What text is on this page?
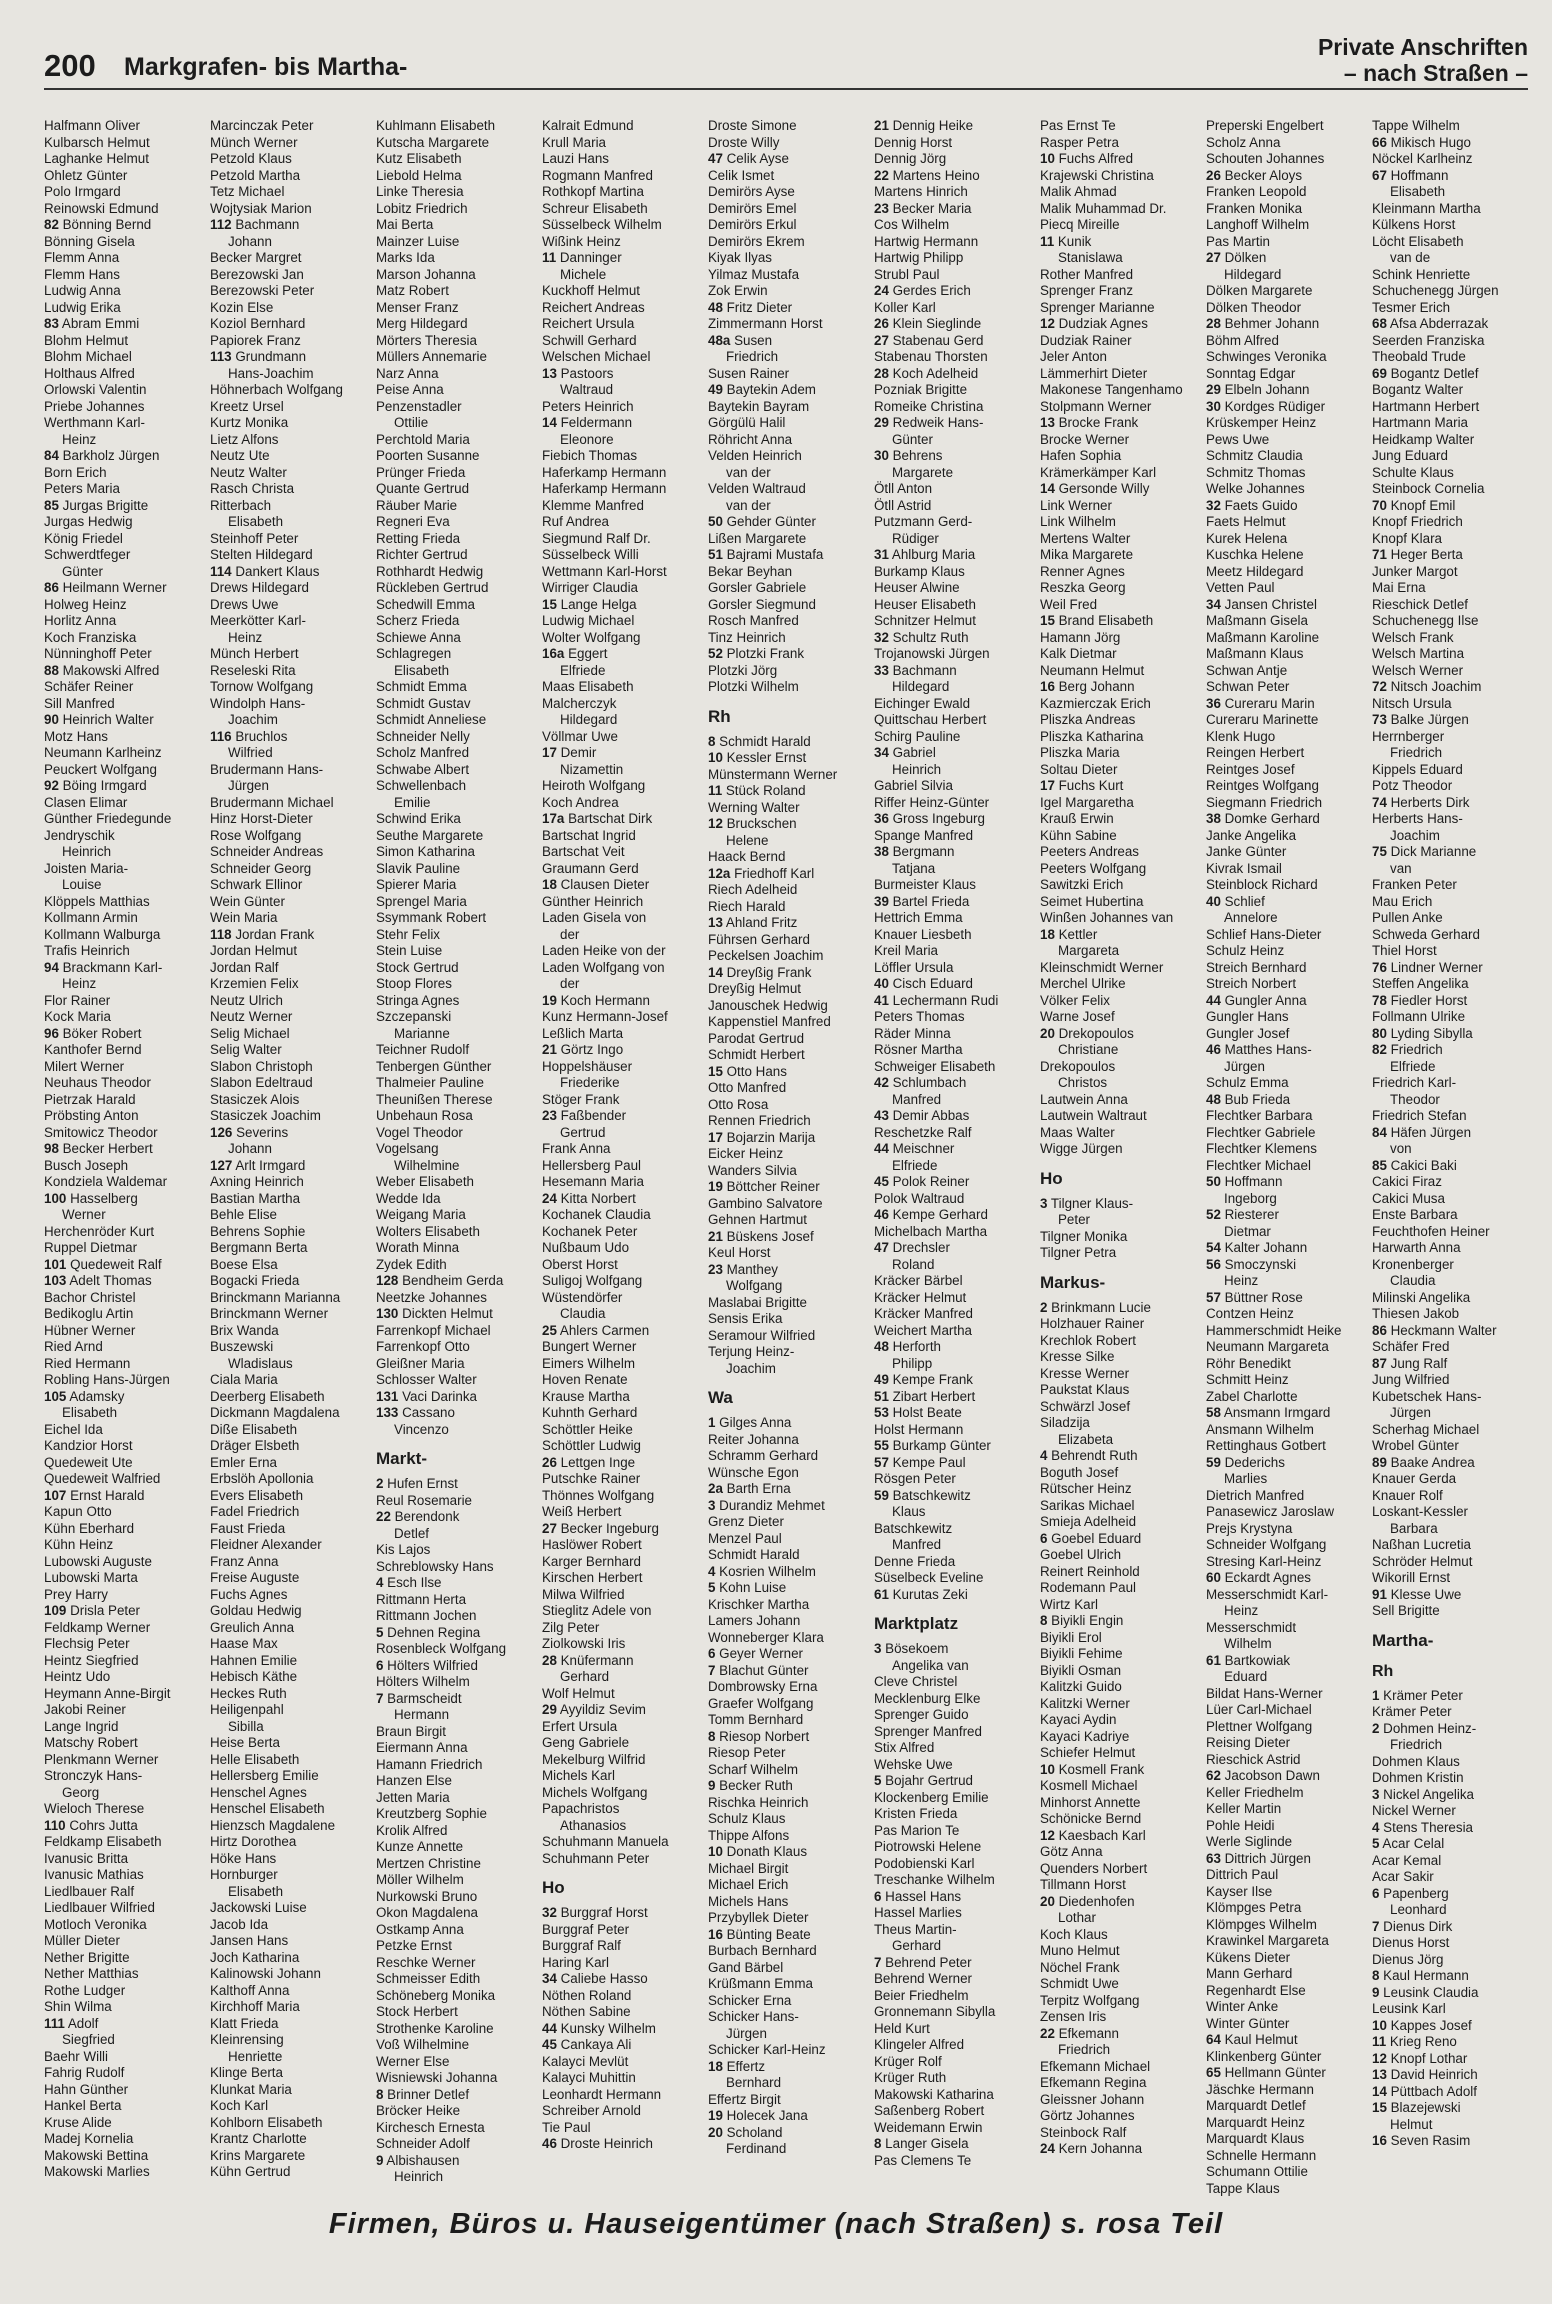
200 Markgrafen- bis Martha-
Private Anschriften
– nach Straßen –
Halfmann Oliver
Kulbarsch Helmut
Laghanke Helmut
Ohletz Günter
Polo Irmgard
Reinowski Edmund
82 Bönning Bernd
Bönning Gisela
Flemm Anna
Flemm Hans
Ludwig Anna
Ludwig Erika
83 Abram Emmi
Blohm Helmut
Blohm Michael
Holthaus Alfred
Orlowski Valentin
Priebe Johannes
Werthmann Karl-
Heinz
84 Barkholz Jürgen
Born Erich
Peters Maria
85 Jurgas Brigitte
Jurgas Hedwig
König Friedel
Schwerdtfeger
Günter
86 Heilmann Werner
Holweg Heinz
Horlitz Anna
Koch Franziska
Nünninghoff Peter
88 Makowski Alfred
Schäfer Reiner
Sill Manfred
90 Heinrich Walter
Motz Hans
Neumann Karlheinz
Peuckert Wolfgang
92 Böing Irmgard
Clasen Elimar
Günther Friedegunde
Jendryschik
Heinrich
Joisten Maria-
Louise
Klöppels Matthias
Kollmann Armin
Kollmann Walburga
Trafis Heinrich
94 Brackmann Karl-
Heinz
Flor Rainer
Kock Maria
96 Böker Robert
Kanthofer Bernd
Milert Werner
Neuhaus Theodor
Pietrzak Harald
Pröbsting Anton
Smitowicz Theodor
98 Becker Herbert
Busch Joseph
Kondziela Waldemar
100 Hasselberg
Werner
Herchenröder Kurt
Ruppel Dietmar
101 Quedeweit Ralf
103 Adelt Thomas
Bachor Christel
Bedikoglu Artin
Hübner Werner
Ried Arnd
Ried Hermann
Robling Hans-Jürgen
105 Adamsky
Elisabeth
Eichel Ida
Kandzior Horst
Quedeweit Ute
Quedeweit Walfried
107 Ernst Harald
Kapun Otto
Kühn Eberhard
Kühn Heinz
Lubowski Auguste
Lubowski Marta
Prey Harry
109 Drisla Peter
Feldkamp Werner
Flechsig Peter
Heintz Siegfried
Heintz Udo
Heymann Anne-Birgit
Jakobi Reiner
Lange Ingrid
Matschy Robert
Plenkmann Werner
Stronczyk Hans-
Georg
Wieloch Therese
110 Cohrs Jutta
Feldkamp Elisabeth
Ivanusic Britta
Ivanusic Mathias
Liedlbauer Ralf
Liedlbauer Wilfried
Motloch Veronika
Müller Dieter
Nether Brigitte
Nether Matthias
Rothe Ludger
Shin Wilma
111 Adolf
Siegfried
Baehr Willi
Fahrig Rudolf
Hahn Günther
Hankel Berta
Kruse Alide
Madej Kornelia
Makowski Bettina
Makowski Marlies
Marcinczak Peter
Münch Werner
Petzold Klaus
Petzold Martha
Tetz Michael
Wojtysiak Marion
112 Bachmann
Johann
Becker Margret
Berezowski Jan
Berezowski Peter
Kozin Else
Koziol Bernhard
Papiorek Franz
113 Grundmann
Hans-Joachim
Höhnerbach Wolfgang
Kreetz Ursel
Kurtz Monika
Lietz Alfons
Neutz Ute
Neutz Walter
Rasch Christa
Ritterbach
Elisabeth
Steinhoff Peter
Stelten Hildegard
114 Dankert Klaus
Drews Hildegard
Drews Uwe
Meerkötter Karl-
Heinz
Münch Herbert
Reseleski Rita
Tornow Wolfgang
Windolph Hans-
Joachim
116 Bruchlos
Wilfried
Brudermann Hans-
Jürgen
Brudermann Michael
Hinz Horst-Dieter
Rose Wolfgang
Schneider Andreas
Schneider Georg
Schwark Ellinor
Wein Günter
Wein Maria
118 Jordan Frank
Jordan Helmut
Jordan Ralf
Krzemien Felix
Neutz Ulrich
Neutz Werner
Selig Michael
Selig Walter
Slabon Christoph
Slabon Edeltraud
Stasiczek Alois
Stasiczek Joachim
126 Severins
Johann
127 Arlt Irmgard
Axning Heinrich
Bastian Martha
Behle Elise
Behrens Sophie
Bergmann Berta
Boese Elsa
Bogacki Frieda
Brinckmann Marianna
Brinckmann Werner
Brix Wanda
Buszewski
Wladislaus
Ciala Maria
Deerberg Elisabeth
Dickmann Magdalena
Diße Elisabeth
Dräger Elsbeth
Emler Erna
Erbslöh Apollonia
Evers Elisabeth
Fadel Friedrich
Faust Frieda
Fleidner Alexander
Franz Anna
Freise Auguste
Fuchs Agnes
Goldau Hedwig
Greulich Anna
Haase Max
Hahnen Emilie
Hebisch Käthe
Heckes Ruth
Heiligenpahl
Sibilla
Heise Berta
Helle Elisabeth
Hellersberg Emilie
Henschel Agnes
Henschel Elisabeth
Hienzsch Magdalene
Hirtz Dorothea
Höke Hans
Hornburger
Elisabeth
Jackowski Luise
Jacob Ida
Jansen Hans
Joch Katharina
Kalinowski Johann
Kalthoff Anna
Kirchhoff Maria
Klatt Frieda
Kleinrensing
Henriette
Klinge Berta
Klunkat Maria
Koch Karl
Kohlborn Elisabeth
Krantz Charlotte
Krins Margarete
Kühn Gertrud
Kuhlmann Elisabeth
Kutscha Margarete
Kutz Elisabeth
Liebold Helma
Linke Theresia
Lobitz Friedrich
Mai Berta
Mainzer Luise
Marks Ida
Marson Johanna
Matz Robert
Menser Franz
Merg Hildegard
Mörters Theresia
Müllers Annemarie
Narz Anna
Peise Anna
Penzenstadler
Ottilie
Perchtold Maria
Poorten Susanne
Prünger Frieda
Quante Gertrud
Räuber Marie
Regneri Eva
Retting Frieda
Richter Gertrud
Rothhardt Hedwig
Rückleben Gertrud
Schedwill Emma
Scherz Frieda
Schiewe Anna
Schlagregen
Elisabeth
Schmidt Emma
Schmidt Gustav
Schmidt Anneliese
Schneider Nelly
Scholz Manfred
Schwabe Albert
Schwellenbach
Emilie
Schwind Erika
Seuthe Margarete
Simon Katharina
Slavik Pauline
Spierer Maria
Sprengel Maria
Ssymmank Robert
Stehr Felix
Stein Luise
Stock Gertrud
Stoop Flores
Stringa Agnes
Szczepanski
Marianne
Teichner Rudolf
Tenbergen Günther
Thalmeier Pauline
Theunißen Therese
Unbehaun Rosa
Vogel Theodor
Vogelsang
Wilhelmine
Weber Elisabeth
Wedde Ida
Weigang Maria
Wolters Elisabeth
Worath Minna
Zydek Edith
128 Bendheim Gerda
Neetzke Johannes
130 Dickten Helmut
Farrenkopf Michael
Farrenkopf Otto
Gleißner Maria
Schlosser Walter
131 Vaci Darinka
133 Cassano
Vincenzo
Markt-
2 Hufen Ernst
Reul Rosemarie
22 Berendonk
Detlef
Kis Lajos
Schreblowsky Hans
4 Esch Ilse
Rittmann Herta
Rittmann Jochen
5 Dehnen Regina
Rosenbleck Wolfgang
6 Hölters Wilfried
Hölters Wilhelm
7 Barmscheidt
Hermann
Braun Birgit
Eiermann Anna
Hamann Friedrich
Hanzen Else
Jetten Maria
Kreutzberg Sophie
Krolik Alfred
Kunze Annette
Mertzen Christine
Möller Wilhelm
Nurkowski Bruno
Okon Magdalena
Ostkamp Anna
Petzke Ernst
Reschke Werner
Schmeisser Edith
Schöneberg Monika
Stock Herbert
Strothenke Karoline
Voß Wilhelmine
Werner Else
Wisniewski Johanna
8 Brinner Detlef
Bröcker Heike
Kirchesch Ernesta
Schneider Adolf
9 Albishausen
Heinrich
Kalrait Edmund
Krull Maria
Lauzi Hans
Rogmann Manfred
Rothkopf Martina
Schreur Elisabeth
Süsselbeck Wilhelm
Wißink Heinz
11 Danninger
Michele
Kuckhoff Helmut
Reichert Andreas
Reichert Ursula
Schwill Gerhard
Welschen Michael
13 Pastoors
Waltraud
Peters Heinrich
14 Feldermann
Eleonore
Fiebich Thomas
Haferkamp Hermann
Haferkamp Hermann
Klemme Manfred
Ruf Andrea
Siegmund Ralf Dr.
Süsselbeck Willi
Wettmann Karl-Horst
Wirriger Claudia
15 Lange Helga
Ludwig Michael
Wolter Wolfgang
16a Eggert
Elfriede
Maas Elisabeth
Malcherczyk
Hildegard
Völlmar Uwe
17 Demir
Nizamettin
Heiroth Wolfgang
Koch Andrea
17a Bartschat Dirk
Bartschat Ingrid
Bartschat Veit
Graumann Gerd
18 Clausen Dieter
Günther Heinrich
Laden Gisela von
der
Laden Heike von der
Laden Wolfgang von
der
19 Koch Hermann
Kunz Hermann-Josef
Leßlich Marta
21 Görtz Ingo
Hoppelshäuser
Friederike
Stöger Frank
23 Faßbender
Gertrud
Frank Anna
Hellersberg Paul
Hesemann Maria
24 Kitta Norbert
Kochanek Claudia
Kochanek Peter
Nußbaum Udo
Oberst Horst
Suligoj Wolfgang
Wüstendörfer
Claudia
25 Ahlers Carmen
Bungert Werner
Eimers Wilhelm
Hoven Renate
Krause Martha
Kuhnth Gerhard
Schöttler Heike
Schöttler Ludwig
26 Lettgen Inge
Putschke Rainer
Thönnes Wolfgang
Weiß Herbert
27 Becker Ingeburg
Haslöwer Robert
Karger Bernhard
Kirschen Herbert
Milwa Wilfried
Stieglitz Adele von
Zilg Peter
Ziolkowski Iris
28 Knüfermann
Gerhard
Wolf Helmut
29 Ayyildiz Sevim
Erfert Ursula
Geng Gabriele
Mekelburg Wilfrid
Michels Karl
Michels Wolfgang
Papachristos
Athanasios
Schuhmann Manuela
Schuhmann Peter
Ho
32 Burggraf Horst
Burggraf Peter
Burggraf Ralf
Haring Karl
34 Caliebe Hasso
Nöthen Roland
Nöthen Sabine
44 Kunsky Wilhelm
45 Cankaya Ali
Kalayci Mevlüt
Kalayci Muhittin
Leonhardt Hermann
Schreiber Arnold
Tie Paul
46 Droste Heinrich
Droste Simone
Droste Willy
47 Celik Ayse
Celik Ismet
Demirörs Ayse
Demirörs Emel
Demirörs Erkul
Demirörs Ekrem
Kiyak Ilyas
Yilmaz Mustafa
Zok Erwin
48 Fritz Dieter
Zimmermann Horst
48a Susen
Friedrich
Susen Rainer
49 Baytekin Adem
Baytekin Bayram
Görgülü Halil
Röhricht Anna
Velden Heinrich
van der
Velden Waltraud
van der
50 Gehder Günter
Lißen Margarete
51 Bajrami Mustafa
Bekar Beyhan
Gorsler Gabriele
Gorsler Siegmund
Rosch Manfred
Tinz Heinrich
52 Plotzki Frank
Plotzki Jörg
Plotzki Wilhelm
Rh
8 Schmidt Harald
10 Kessler Ernst
Münstermann Werner
11 Stück Roland
Werning Walter
12 Bruckschen
Helene
Haack Bernd
12a Friedhoff Karl
Riech Adelheid
Riech Harald
13 Ahland Fritz
Führsen Gerhard
Peckelsen Joachim
14 Dreyßig Frank
Dreyßig Helmut
Janouschek Hedwig
Kappenstiel Manfred
Parodat Gertrud
Schmidt Herbert
15 Otto Hans
Otto Manfred
Otto Rosa
Rennen Friedrich
17 Bojarzin Marija
Eicker Heinz
Wanders Silvia
19 Böttcher Reiner
Gambino Salvatore
Gehnen Hartmut
21 Büskens Josef
Keul Horst
23 Manthey
Wolfgang
Maslabai Brigitte
Sensis Erika
Seramour Wilfried
Terjung Heinz-
Joachim
Wa
1 Gilges Anna
Reiter Johanna
Schramm Gerhard
Wünsche Egon
2a Barth Erna
3 Durandiz Mehmet
Grenz Dieter
Menzel Paul
Schmidt Harald
4 Kosrien Wilhelm
5 Kohn Luise
Krischker Martha
Lamers Johann
Wonneberger Klara
6 Geyer Werner
7 Blachut Günter
Dombrowsky Erna
Graefer Wolfgang
Tomm Bernhard
8 Riesop Norbert
Riesop Peter
Scharf Wilhelm
9 Becker Ruth
Rischka Heinrich
Schulz Klaus
Thippe Alfons
10 Donath Klaus
Michael Birgit
Michael Erich
Michels Hans
Przybyllek Dieter
16 Bünting Beate
Burbach Bernhard
Gand Bärbel
Krüßmann Emma
Schicker Erna
Schicker Hans-
Jürgen
Schicker Karl-Heinz
18 Effertz
Bernhard
Effertz Birgit
19 Holecek Jana
20 Scholand
Ferdinand
21 Dennig Heike
Dennig Horst
Dennig Jörg
22 Martens Heino
Martens Hinrich
23 Becker Maria
Cos Wilhelm
Hartwig Hermann
Hartwig Philipp
Strubl Paul
24 Gerdes Erich
Koller Karl
26 Klein Sieglinde
27 Stabenau Gerd
Stabenau Thorsten
28 Koch Adelheid
Pozniak Brigitte
Romeike Christina
29 Redweik Hans-
Günter
30 Behrens
Margarete
Ötll Anton
Ötll Astrid
Putzmann Gerd-
Rüdiger
31 Ahlburg Maria
Burkamp Klaus
Heuser Alwine
Heuser Elisabeth
Schnitzer Helmut
32 Schultz Ruth
Trojanowski Jürgen
33 Bachmann
Hildegard
Eichinger Ewald
Quittschau Herbert
Schirg Pauline
34 Gabriel
Heinrich
Gabriel Silvia
Riffer Heinz-Günter
36 Gross Ingeburg
Spange Manfred
38 Bergmann
Tatjana
Burmeister Klaus
39 Bartel Frieda
Hettrich Emma
Knauer Liesbeth
Kreil Maria
Löffler Ursula
40 Cisch Eduard
41 Lechermann Rudi
Peters Thomas
Räder Minna
Rösner Martha
Schweiger Elisabeth
42 Schlumbach
Manfred
43 Demir Abbas
Reschetzke Ralf
44 Meischner
Elfriede
45 Polok Reiner
Polok Waltraud
46 Kempe Gerhard
Michelbach Martha
47 Drechsler
Roland
Kräcker Bärbel
Kräcker Helmut
Kräcker Manfred
Weichert Martha
48 Herforth
Philipp
49 Kempe Frank
51 Zibart Herbert
53 Holst Beate
Holst Hermann
55 Burkamp Günter
57 Kempe Paul
Rösgen Peter
59 Batschkewitz
Klaus
Batschkewitz
Manfred
Denne Frieda
Süselbeck Eveline
61 Kurutas Zeki
Marktplatz
3 Bösekoem
Angelika van
Cleve Christel
Mecklenburg Elke
Sprenger Guido
Sprenger Manfred
Stix Alfred
Wehske Uwe
5 Bojahr Gertrud
Klockenberg Emilie
Kristen Frieda
Pas Marion Te
Piotrowski Helene
Podobienski Karl
Treschanke Wilhelm
6 Hassel Hans
Hassel Marlies
Theus Martin-
Gerhard
7 Behrend Peter
Behrend Werner
Beier Friedhelm
Gronnemann Sibylla
Held Kurt
Klingeler Alfred
Krüger Rolf
Krüger Ruth
Makowski Katharina
Saßenberg Robert
Weidemann Erwin
8 Langer Gisela
Pas Clemens Te
Pas Ernst Te
Rasper Petra
10 Fuchs Alfred
Krajewski Christina
Malik Ahmad
Malik Muhammad Dr.
Piecq Mireille
11 Kunik
Stanislawa
Rother Manfred
Sprenger Franz
Sprenger Marianne
12 Dudziak Agnes
Dudziak Rainer
Jeler Anton
Lämmerhirt Dieter
Makonese Tangenhamo
Stolpmann Werner
13 Brocke Frank
Brocke Werner
Hafen Sophia
Krämerkämper Karl
14 Gersonde Willy
Link Werner
Link Wilhelm
Mertens Walter
Mika Margarete
Renner Agnes
Reszka Georg
Weil Fred
15 Brand Elisabeth
Hamann Jörg
Kalk Dietmar
Neumann Helmut
16 Berg Johann
Kazmierczak Erich
Pliszka Andreas
Pliszka Katharina
Pliszka Maria
Soltau Dieter
17 Fuchs Kurt
Igel Margaretha
Krauß Erwin
Kühn Sabine
Peeters Andreas
Peeters Wolfgang
Sawitzki Erich
Seimet Hubertina
Winßen Johannes van
18 Kettler
Margareta
Kleinschmidt Werner
Merchel Ulrike
Völker Felix
Warne Josef
20 Drekopoulos
Christiane
Drekopoulos
Christos
Lautwein Anna
Lautwein Waltraut
Maas Walter
Wigge Jürgen
Ho
3 Tilgner Klaus-
Peter
Tilgner Monika
Tilgner Petra
Markus-
2 Brinkmann Lucie
Holzhauer Rainer
Krechlok Robert
Kresse Silke
Kresse Werner
Paukstat Klaus
Schwärzl Josef
Siladzija
Elizabeta
4 Behrendt Ruth
Boguth Josef
Rütscher Heinz
Sarikas Michael
Smieja Adelheid
6 Goebel Eduard
Goebel Ulrich
Reinert Reinhold
Rodemann Paul
Wirtz Karl
8 Biyikli Engin
Biyikli Erol
Biyikli Fehime
Biyikli Osman
Kalitzki Guido
Kalitzki Werner
Kayaci Aydin
Kayaci Kadriye
Schiefer Helmut
10 Kosmell Frank
Kosmell Michael
Minhorst Annette
Schönicke Bernd
12 Kaesbach Karl
Götz Anna
Quenders Norbert
Tillmann Horst
20 Diedenhofen
Lothar
Koch Klaus
Muno Helmut
Nöchel Frank
Schmidt Uwe
Terpitz Wolfgang
Zensen Iris
22 Efkemann
Friedrich
Efkemann Michael
Efkemann Regina
Gleissner Johann
Görtz Johannes
Steinbock Ralf
24 Kern Johanna
Preperski Engelbert
Scholz Anna
Schouten Johannes
26 Becker Aloys
Franken Leopold
Franken Monika
Langhoff Wilhelm
Pas Martin
27 Dölken
Hildegard
Dölken Margarete
Dölken Theodor
28 Behmer Johann
Böhm Alfred
Schwinges Veronika
Sonntag Edgar
29 Elbeln Johann
30 Kordges Rüdiger
Krüskemper Heinz
Pews Uwe
Schmitz Claudia
Schmitz Thomas
Welke Johannes
32 Faets Guido
Faets Helmut
Kurek Helena
Kuschka Helene
Meetz Hildegard
Vetten Paul
34 Jansen Christel
Maßmann Gisela
Maßmann Karoline
Maßmann Klaus
Schwan Antje
Schwan Peter
36 Cureraru Marin
Cureraru Marinette
Klenk Hugo
Reingen Herbert
Reintges Josef
Reintges Wolfgang
Siegmann Friedrich
38 Domke Gerhard
Janke Angelika
Janke Günter
Kivrak Ismail
Steinblock Richard
40 Schlief
Annelore
Schlief Hans-Dieter
Schulz Heinz
Streich Bernhard
Streich Norbert
44 Gungler Anna
Gungler Hans
Gungler Josef
46 Matthes Hans-
Jürgen
Schulz Emma
48 Bub Frieda
Flechtker Barbara
Flechtker Gabriele
Flechtker Klemens
Flechtker Michael
50 Hoffmann
Ingeborg
52 Riesterer
Dietmar
54 Kalter Johann
56 Smoczynski
Heinz
57 Büttner Rose
Contzen Heinz
Hammerschmidt Heike
Neumann Margareta
Röhr Benedikt
Schmitt Heinz
Zabel Charlotte
58 Ansmann Irmgard
Ansmann Wilhelm
Rettinghaus Gotbert
59 Dederichs
Marlies
Dietrich Manfred
Panasewicz Jaroslaw
Prejs Krystyna
Schneider Wolfgang
Stresing Karl-Heinz
60 Eckardt Agnes
Messerschmidt Karl-
Heinz
Messerschmidt
Wilhelm
61 Bartkowiak
Eduard
Bildat Hans-Werner
Lüer Carl-Michael
Plettner Wolfgang
Reising Dieter
Rieschick Astrid
62 Jacobson Dawn
Keller Friedhelm
Keller Martin
Pohle Heidi
Werle Siglinde
63 Dittrich Jürgen
Dittrich Paul
Kayser Ilse
Klömpges Petra
Klömpges Wilhelm
Krawinkel Margareta
Kükens Dieter
Mann Gerhard
Regenhardt Else
Winter Anke
Winter Günter
64 Kaul Helmut
Klinkenberg Günter
65 Hellmann Günter
Jäschke Hermann
Marquardt Detlef
Marquardt Heinz
Marquardt Klaus
Schnelle Hermann
Schumann Ottilie
Tappe Klaus
Tappe Wilhelm
66 Mikisch Hugo
Nöckel Karlheinz
67 Hoffmann
Elisabeth
Kleinmann Martha
Külkens Horst
Löcht Elisabeth
van de
Schink Henriette
Schuchenegg Jürgen
Tesmer Erich
68 Afsa Abderrazak
Seerden Franziska
Theobald Trude
69 Bogantz Detlef
Bogantz Walter
Hartmann Herbert
Hartmann Maria
Heidkamp Walter
Jung Eduard
Schulte Klaus
Steinbock Cornelia
70 Knopf Emil
Knopf Friedrich
Knopf Klara
71 Heger Berta
Junker Margot
Mai Erna
Rieschick Detlef
Schuchenegg Ilse
Welsch Frank
Welsch Martina
Welsch Werner
72 Nitsch Joachim
Nitsch Ursula
73 Balke Jürgen
Herrnberger
Friedrich
Kippels Eduard
Potz Theodor
74 Herberts Dirk
Herberts Hans-
Joachim
75 Dick Marianne
van
Franken Peter
Mau Erich
Pullen Anke
Schweda Gerhard
Thiel Horst
76 Lindner Werner
Steffen Angelika
78 Fiedler Horst
Follmann Ulrike
80 Lyding Sibylla
82 Friedrich
Elfriede
Friedrich Karl-
Theodor
Friedrich Stefan
84 Häfen Jürgen
von
85 Cakici Baki
Cakici Firaz
Cakici Musa
Enste Barbara
Feuchthofen Heiner
Harwarth Anna
Kronenberger
Claudia
Milinski Angelika
Thiesen Jakob
86 Heckmann Walter
Schäfer Fred
87 Jung Ralf
Jung Wilfried
Kubetschek Hans-
Jürgen
Scherhag Michael
Wrobel Günter
89 Baake Andrea
Knauer Gerda
Knauer Rolf
Loskant-Kessler
Barbara
Naßhan Lucretia
Schröder Helmut
Wikorill Ernst
91 Klesse Uwe
Sell Brigitte
Martha-
Rh
1 Krämer Peter
Krämer Peter
2 Dohmen Heinz-
Friedrich
Dohmen Klaus
Dohmen Kristin
3 Nickel Angelika
Nickel Werner
4 Stens Theresia
5 Acar Celal
Acar Kemal
Acar Sakir
6 Papenberg
Leonhard
7 Dienus Dirk
Dienus Horst
Dienus Jörg
8 Kaul Hermann
9 Leusink Claudia
Leusink Karl
10 Kappes Josef
11 Krieg Reno
12 Knopf Lothar
13 David Heinrich
14 Püttbach Adolf
15 Blazejewski
Helmut
16 Seven Rasim
Firmen, Büros u. Hauseigentümer (nach Straßen) s. rosa Teil
